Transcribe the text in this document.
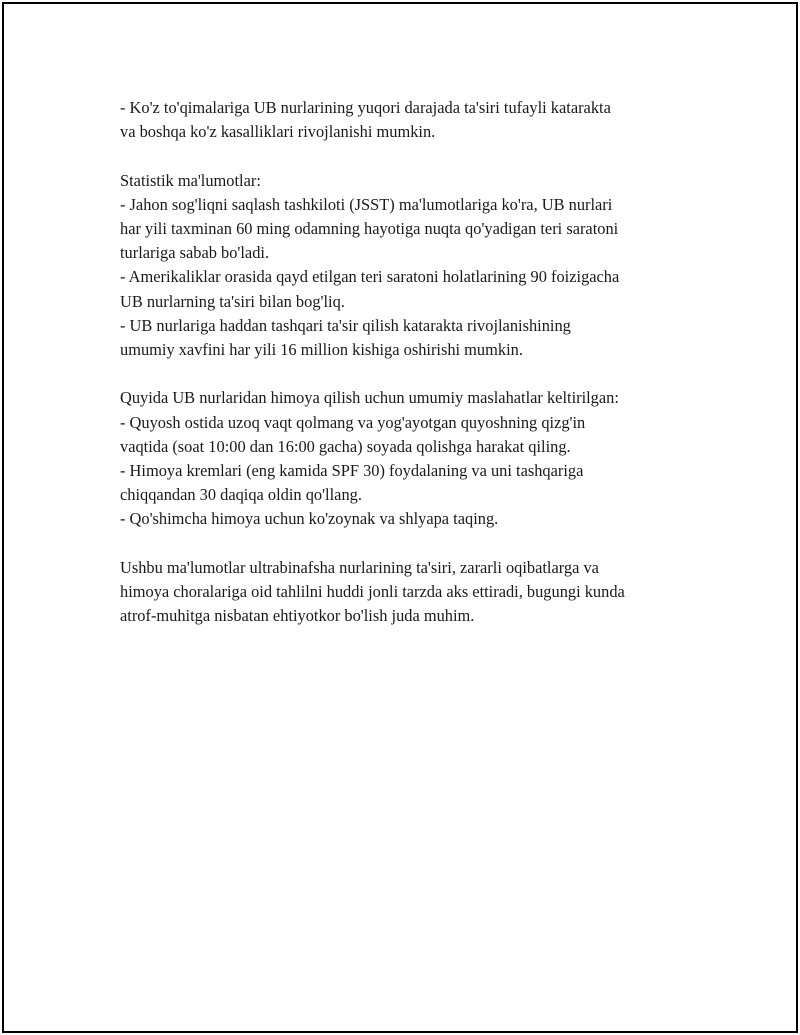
- Ko'z to'qimalariga UB nurlarining yuqori darajada ta'siri tufayli katarakta
va boshqa ko'z kasalliklari rivojlanishi mumkin.

Statistik ma'lumotlar:
- Jahon sog'liqni saqlash tashkiloti (JSST) ma'lumotlariga ko'ra, UB nurlari
har yili taxminan 60 ming odamning hayotiga nuqta qo'yadigan teri saratoni
turlariga sabab bo'ladi.
- Amerikaliklar orasida qayd etilgan teri saratoni holatlarining 90 foizigacha
UB nurlarning ta'siri bilan bog'liq.
- UB nurlariga haddan tashqari ta'sir qilish katarakta rivojlanishining
umumiy xavfini har yili 16 million kishiga oshirishi mumkin.

Quyida UB nurlaridan himoya qilish uchun umumiy maslahatlar keltirilgan:
- Quyosh ostida uzoq vaqt qolmang va yog'ayotgan quyoshning qizg'in
vaqtida (soat 10:00 dan 16:00 gacha) soyada qolishga harakat qiling.
- Himoya kremlari (eng kamida SPF 30) foydalaning va uni tashqariga
chiqqandan 30 daqiqa oldin qo'llang.
- Qo'shimcha himoya uchun ko'zoynak va shlyapa taqing.

Ushbu ma'lumotlar ultrabinafsha nurlarining ta'siri, zararli oqibatlarga va
himoya choralariga oid tahlilni huddi jonli tarzda aks ettiradi, bugungi kunda
atrof-muhitga nisbatan ehtiyotkor bo'lish juda muhim.
